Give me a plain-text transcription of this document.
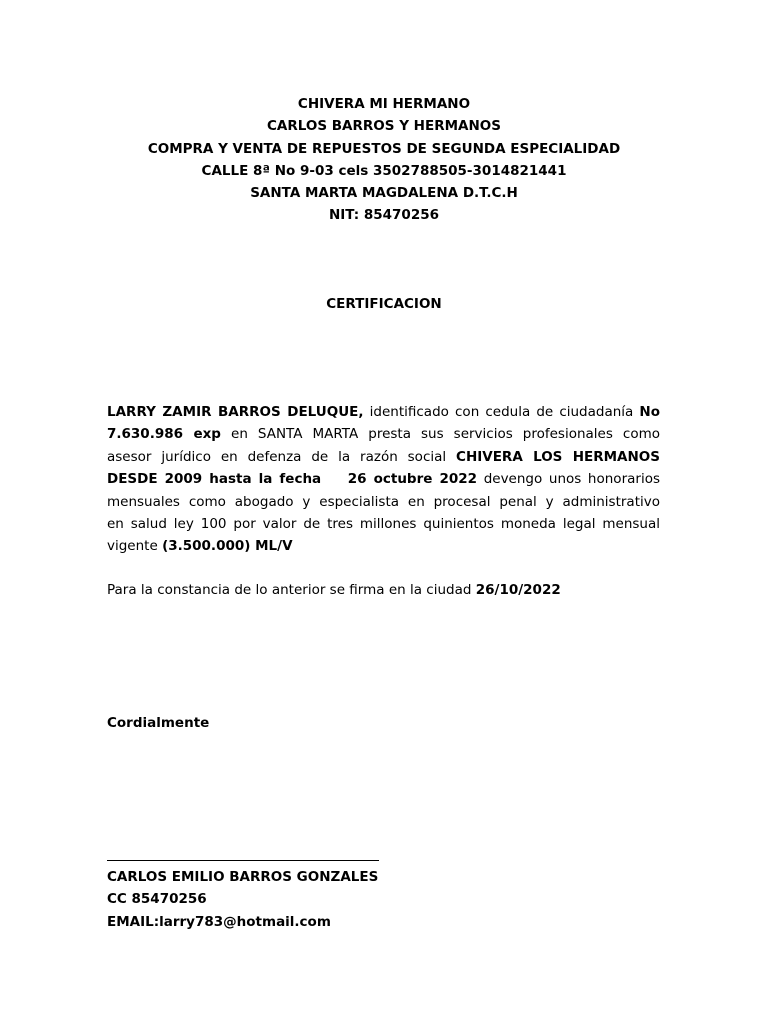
CHIVERA MI HERMANO
CARLOS BARROS Y HERMANOS
COMPRA Y VENTA DE REPUESTOS DE SEGUNDA ESPECIALIDAD
CALLE 8ª No 9-03 cels 3502788505-3014821441
SANTA MARTA MAGDALENA D.T.C.H
NIT: 85470256
CERTIFICACION
LARRY ZAMIR BARROS DELUQUE, identificado con cedula de ciudadanía No
7.630.986 exp en SANTA MARTA presta sus servicios profesionales como
asesor jurídico en defenza de la razón social CHIVERA LOS HERMANOS
DESDE 2009 hasta la fecha 26 octubre 2022 devengo unos honorarios
mensuales como abogado y especialista en procesal penal y administrativo
en salud ley 100 por valor de tres millones quinientos moneda legal mensual
vigente (3.500.000) ML/V
Para la constancia de lo anterior se firma en la ciudad 26/10/2022
Cordialmente
CARLOS EMILIO BARROS GONZALES
CC 85470256
EMAIL:larry783@hotmail.com
